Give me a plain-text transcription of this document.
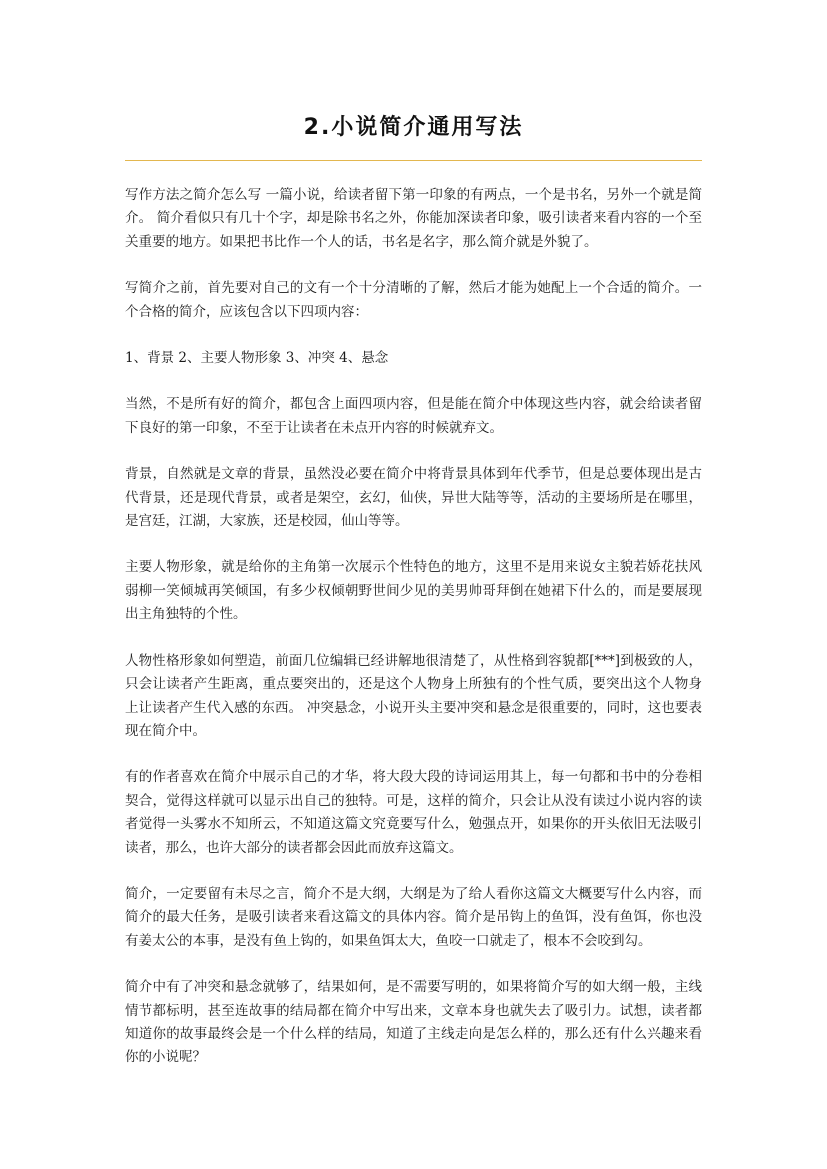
2.小说简介通用写法

写作方法之简介怎么写 一篇小说，给读者留下第一印象的有两点，一个是书名，另外一个就是简介。 简介看似只有几十个字，却是除书名之外，你能加深读者印象，吸引读者来看内容的一个至关重要的地方。如果把书比作一个人的话，书名是名字，那么简介就是外貌了。

写简介之前，首先要对自己的文有一个十分清晰的了解，然后才能为她配上一个合适的简介。一个合格的简介，应该包含以下四项内容：

1、背景 2、主要人物形象 3、冲突 4、悬念

当然，不是所有好的简介，都包含上面四项内容，但是能在简介中体现这些内容，就会给读者留下良好的第一印象，不至于让读者在未点开内容的时候就弃文。

背景，自然就是文章的背景，虽然没必要在简介中将背景具体到年代季节，但是总要体现出是古代背景，还是现代背景，或者是架空，玄幻，仙侠，异世大陆等等，活动的主要场所是在哪里，是宫廷，江湖，大家族，还是校园，仙山等等。

主要人物形象，就是给你的主角第一次展示个性特色的地方，这里不是用来说女主貌若娇花扶风弱柳一笑倾城再笑倾国，有多少权倾朝野世间少见的美男帅哥拜倒在她裙下什么的，而是要展现出主角独特的个性。

人物性格形象如何塑造，前面几位编辑已经讲解地很清楚了，从性格到容貌都[***]到极致的人，只会让读者产生距离，重点要突出的，还是这个人物身上所独有的个性气质，要突出这个人物身上让读者产生代入感的东西。 冲突悬念，小说开头主要冲突和悬念是很重要的，同时，这也要表现在简介中。

有的作者喜欢在简介中展示自己的才华，将大段大段的诗词运用其上，每一句都和书中的分卷相契合，觉得这样就可以显示出自己的独特。可是，这样的简介，只会让从没有读过小说内容的读者觉得一头雾水不知所云，不知道这篇文究竟要写什么，勉强点开，如果你的开头依旧无法吸引读者，那么，也许大部分的读者都会因此而放弃这篇文。

简介，一定要留有未尽之言，简介不是大纲，大纲是为了给人看你这篇文大概要写什么内容，而简介的最大任务，是吸引读者来看这篇文的具体内容。简介是吊钩上的鱼饵，没有鱼饵，你也没有姜太公的本事，是没有鱼上钩的，如果鱼饵太大，鱼咬一口就走了，根本不会咬到勾。

简介中有了冲突和悬念就够了，结果如何，是不需要写明的，如果将简介写的如大纲一般，主线情节都标明，甚至连故事的结局都在简介中写出来，文章本身也就失去了吸引力。试想，读者都知道你的故事最终会是一个什么样的结局，知道了主线走向是怎么样的，那么还有什么兴趣来看你的小说呢？
